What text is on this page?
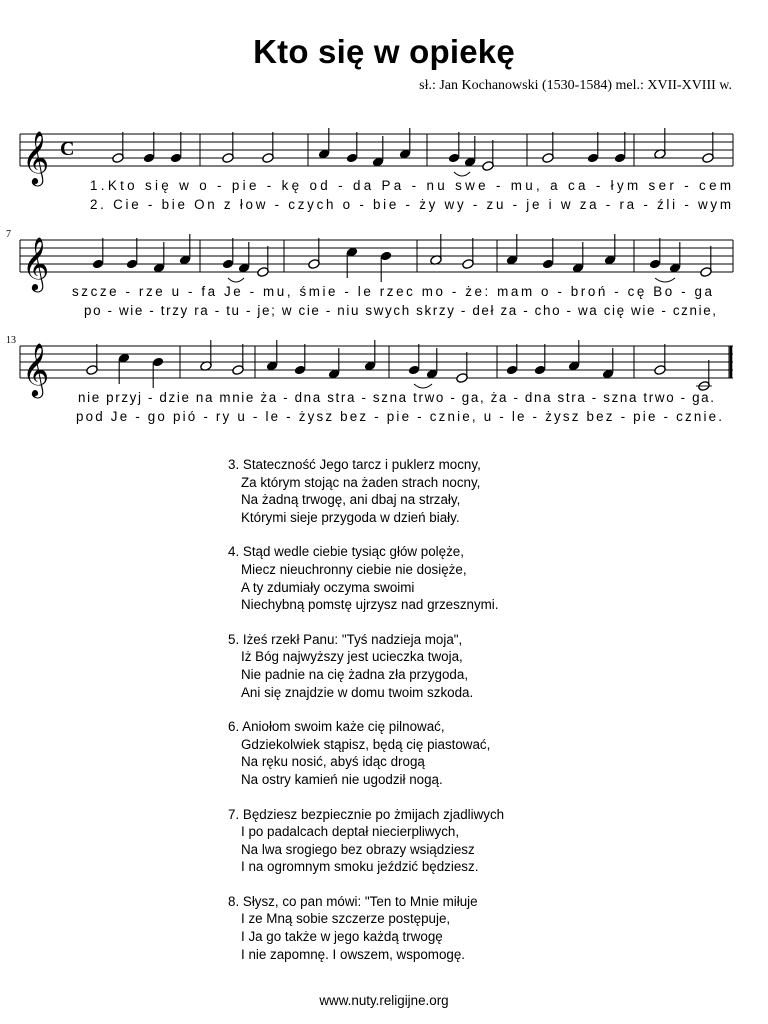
Kto się w opiekę
sł.: Jan Kochanowski (1530-1584) mel.: XVII-XVIII w.
𝄞 C
𝄞
7
𝄞
13
1.Kto się w o - pie - kę od - da Pa - nu swe - mu, a ca - łym ser - cem
2. Cie - bie On z łow - czych o - bie - ży wy - zu - je i w za - ra - źli - wym
szcze - rze u - fa Je - mu, śmie - le rzec mo - że: mam o - broń - cę Bo - ga
po - wie - trzy ra - tu - je; w cie - niu swych skrzy - deł za - cho - wa cię wie - cznie,
nie przyj - dzie na mnie ża - dna stra - szna trwo - ga, ża - dna stra - szna trwo - ga.
pod Je - go pió - ry u - le - żysz bez - pie - cznie, u - le - żysz bez - pie - cznie.
3. Stateczność Jego tarcz i puklerz mocny,
Za którym stojąc na żaden strach nocny,
Na żadną trwogę, ani dbaj na strzały,
Którymi sieje przygoda w dzień biały.
4. Stąd wedle ciebie tysiąc głów polęże,
Miecz nieuchronny ciebie nie dosięże,
A ty zdumiały oczyma swoimi
Niechybną pomstę ujrzysz nad grzesznymi.
5. Iżeś rzekł Panu: "Tyś nadzieja moja",
Iż Bóg najwyższy jest ucieczka twoja,
Nie padnie na cię żadna zła przygoda,
Ani się znajdzie w domu twoim szkoda.
6. Aniołom swoim każe cię pilnować,
Gdziekolwiek stąpisz, będą cię piastować,
Na ręku nosić, abyś idąc drogą
Na ostry kamień nie ugodził nogą.
7. Będziesz bezpiecznie po żmijach zjadliwych
I po padalcach deptał niecierpliwych,
Na lwa srogiego bez obrazy wsiądziesz
I na ogromnym smoku jeździć będziesz.
8. Słysz, co pan mówi: "Ten to Mnie miłuje
I ze Mną sobie szczerze postępuje,
I Ja go także w jego każdą trwogę
I nie zapomnę. I owszem, wspomogę.
www.nuty.religijne.org
